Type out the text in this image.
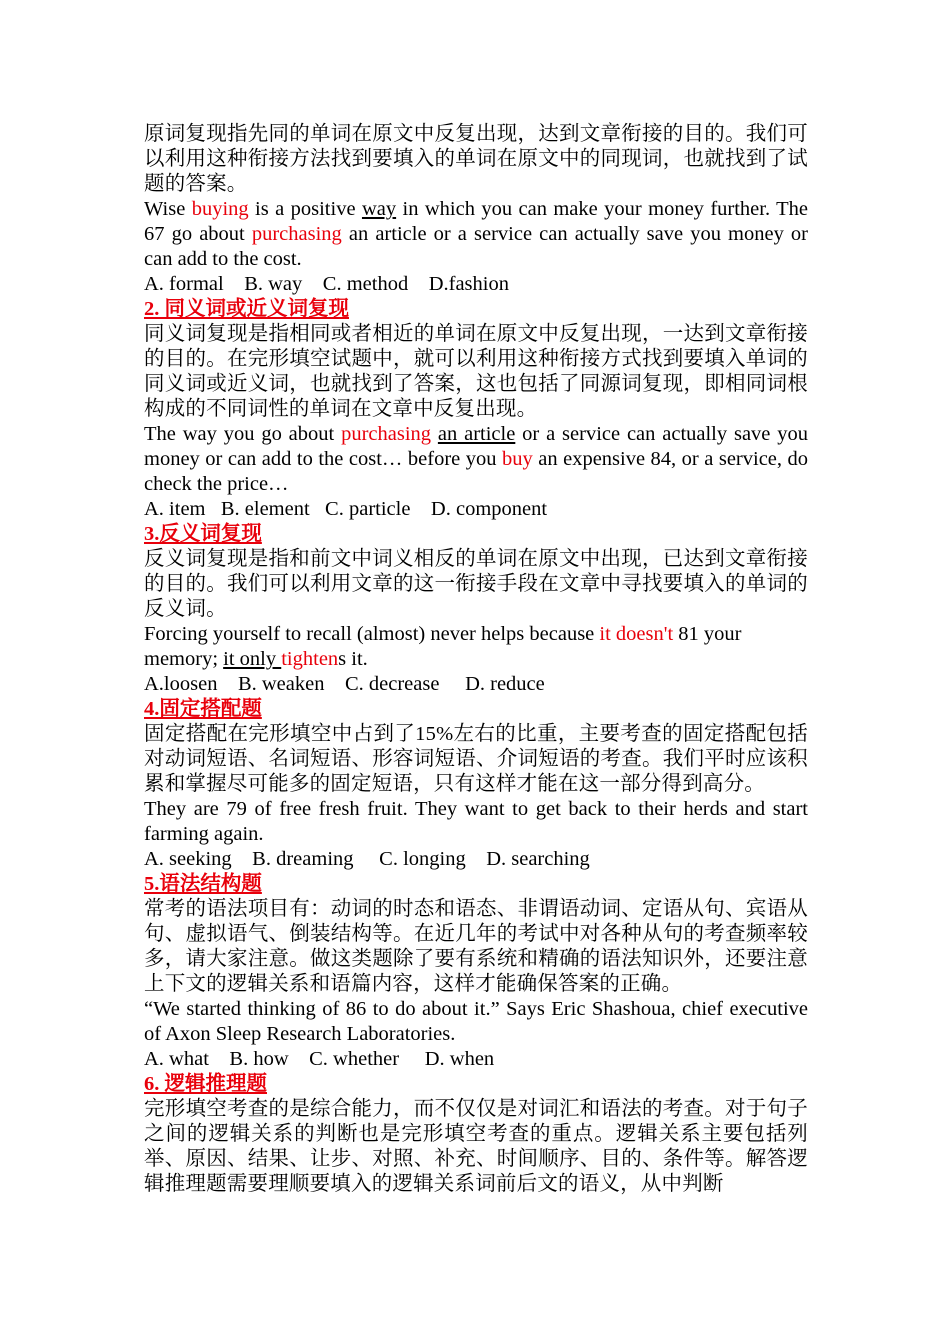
原词复现指先同的单词在原文中反复出现，达到文章衔接的目的。我们可以利用这种衔接方法找到要填入的单词在原文中的同现词，也就找到了试题的答案。

Wise buying is a positive way in which you can make your money further. The 67 go about purchasing an article or a service can actually save you money or can add to the cost.

A. formal    B. way    C. method    D.fashion

2. 同义词或近义词复现

同义词复现是指相同或者相近的单词在原文中反复出现，一达到文章衔接的目的。在完形填空试题中，就可以利用这种衔接方式找到要填入单词的同义词或近义词，也就找到了答案，这也包括了同源词复现，即相同词根构成的不同词性的单词在文章中反复出现。

The way you go about purchasing an article or a service can actually save you money or can add to the cost… before you buy an expensive 84, or a service, do check the price…

A. item   B. element   C. particle    D. component

3.反义词复现

反义词复现是指和前文中词义相反的单词在原文中出现，已达到文章衔接的目的。我们可以利用文章的这一衔接手段在文章中寻找要填入的单词的反义词。

Forcing yourself to recall (almost) never helps because it doesn't 81 your memory; it only tightens it.

A.loosen    B. weaken    C. decrease     D. reduce

4.固定搭配题

固定搭配在完形填空中占到了15%左右的比重，主要考查的固定搭配包括对动词短语、名词短语、形容词短语、介词短语的考查。我们平时应该积累和掌握尽可能多的固定短语，只有这样才能在这一部分得到高分。

They are 79 of free fresh fruit. They want to get back to their herds and start farming again.

A. seeking    B. dreaming     C. longing    D. searching

5.语法结构题

常考的语法项目有：动词的时态和语态、非谓语动词、定语从句、宾语从句、虚拟语气、倒装结构等。在近几年的考试中对各种从句的考查频率较多，请大家注意。做这类题除了要有系统和精确的语法知识外，还要注意上下文的逻辑关系和语篇内容，这样才能确保答案的正确。

“We started thinking of 86 to do about it.” Says Eric Shashoua, chief executive of Axon Sleep Research Laboratories.

A. what    B. how    C. whether     D. when

6. 逻辑推理题

完形填空考查的是综合能力，而不仅仅是对词汇和语法的考查。对于句子之间的逻辑关系的判断也是完形填空考查的重点。逻辑关系主要包括列举、原因、结果、让步、对照、补充、时间顺序、目的、条件等。解答逻辑推理题需要理顺要填入的逻辑关系词前后文的语义，从中判断
